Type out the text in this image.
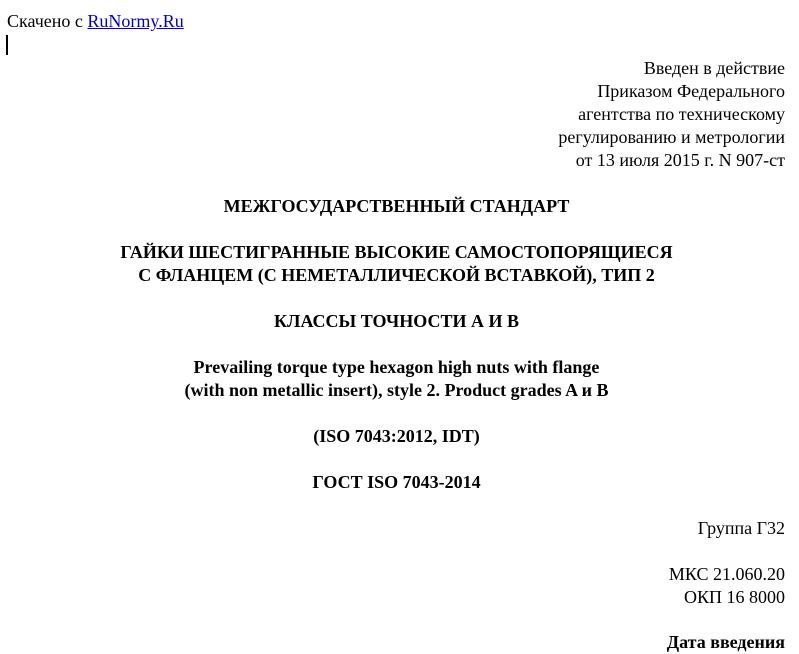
Скачено с RuNormy.Ru
Введен в действие
Приказом Федерального
агентства по техническому
регулированию и метрологии
от 13 июля 2015 г. N 907-ст
МЕЖГОСУДАРСТВЕННЫЙ СТАНДАРТ
ГАЙКИ ШЕСТИГРАННЫЕ ВЫСОКИЕ САМОСТОПОРЯЩИЕСЯ
С ФЛАНЦЕМ (С НЕМЕТАЛЛИЧЕСКОЙ ВСТАВКОЙ), ТИП 2
КЛАССЫ ТОЧНОСТИ А И В
Prevailing torque type hexagon high nuts with flange
(with non metallic insert), style 2. Product grades A и B
(ISO 7043:2012, IDT)
ГОСТ ISO 7043-2014
Группа Г32
МКС 21.060.20
ОКП 16 8000
Дата введения
